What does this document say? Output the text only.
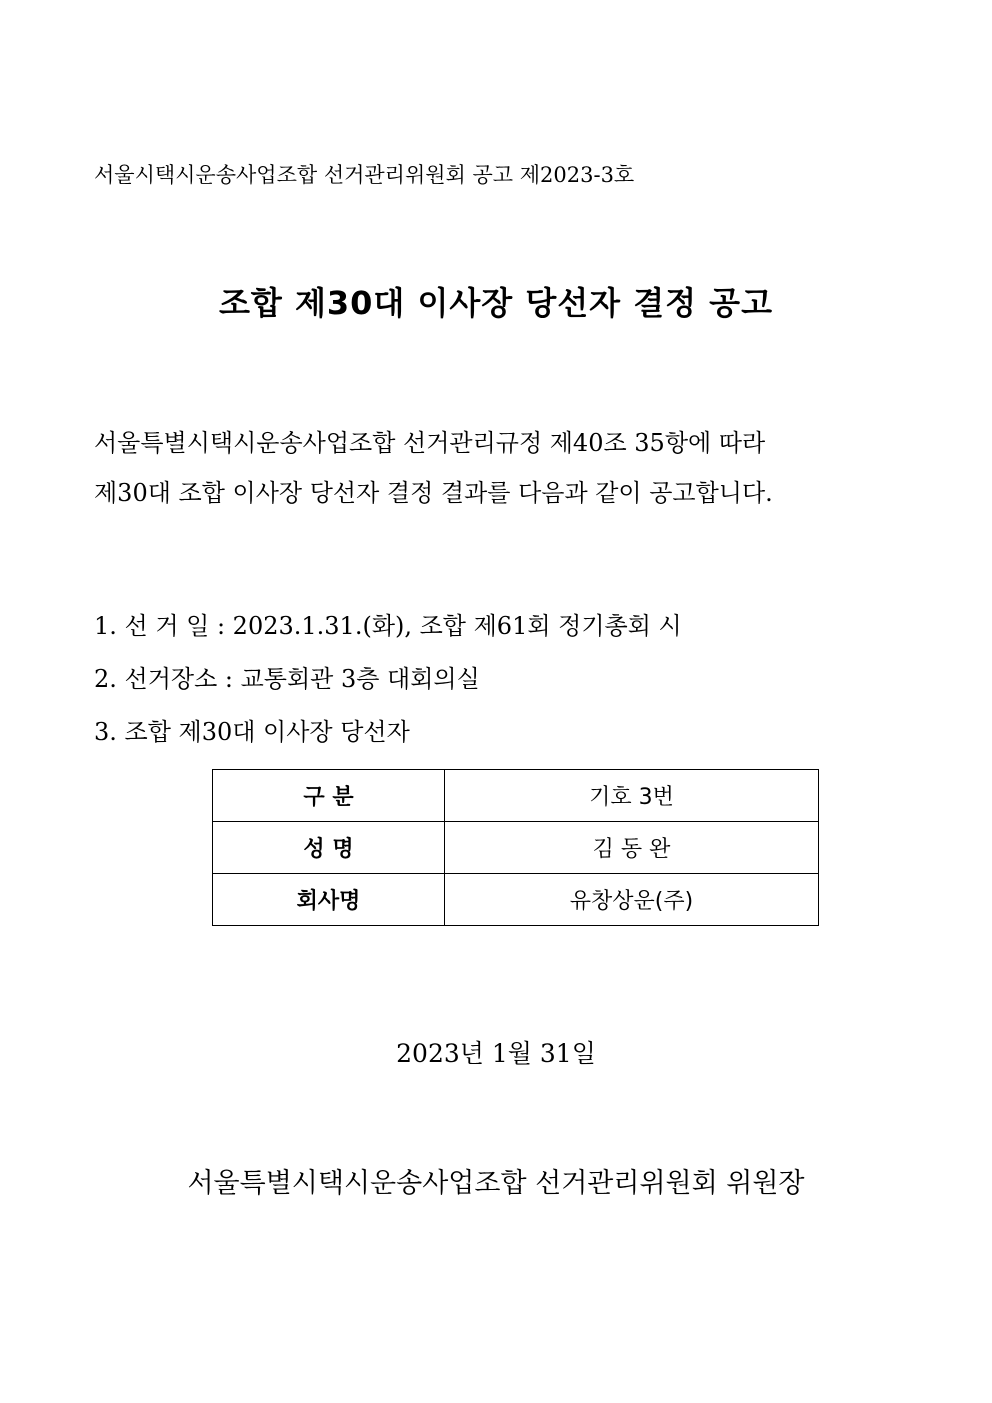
서울시택시운송사업조합 선거관리위원회 공고 제2023-3호
조합 제30대 이사장 당선자 결정 공고
서울특별시택시운송사업조합 선거관리규정 제40조 35항에 따라
제30대 조합 이사장 당선자 결정 결과를 다음과 같이 공고합니다.
1. 선 거 일 : 2023.1.31.(화), 조합 제61회 정기총회 시
2. 선거장소 : 교통회관 3층 대회의실
3. 조합 제30대 이사장 당선자
구 분	기호 3번
성 명	김 동 완
회사명	유창상운(주)
2023년 1월 31일
서울특별시택시운송사업조합 선거관리위원회 위원장
